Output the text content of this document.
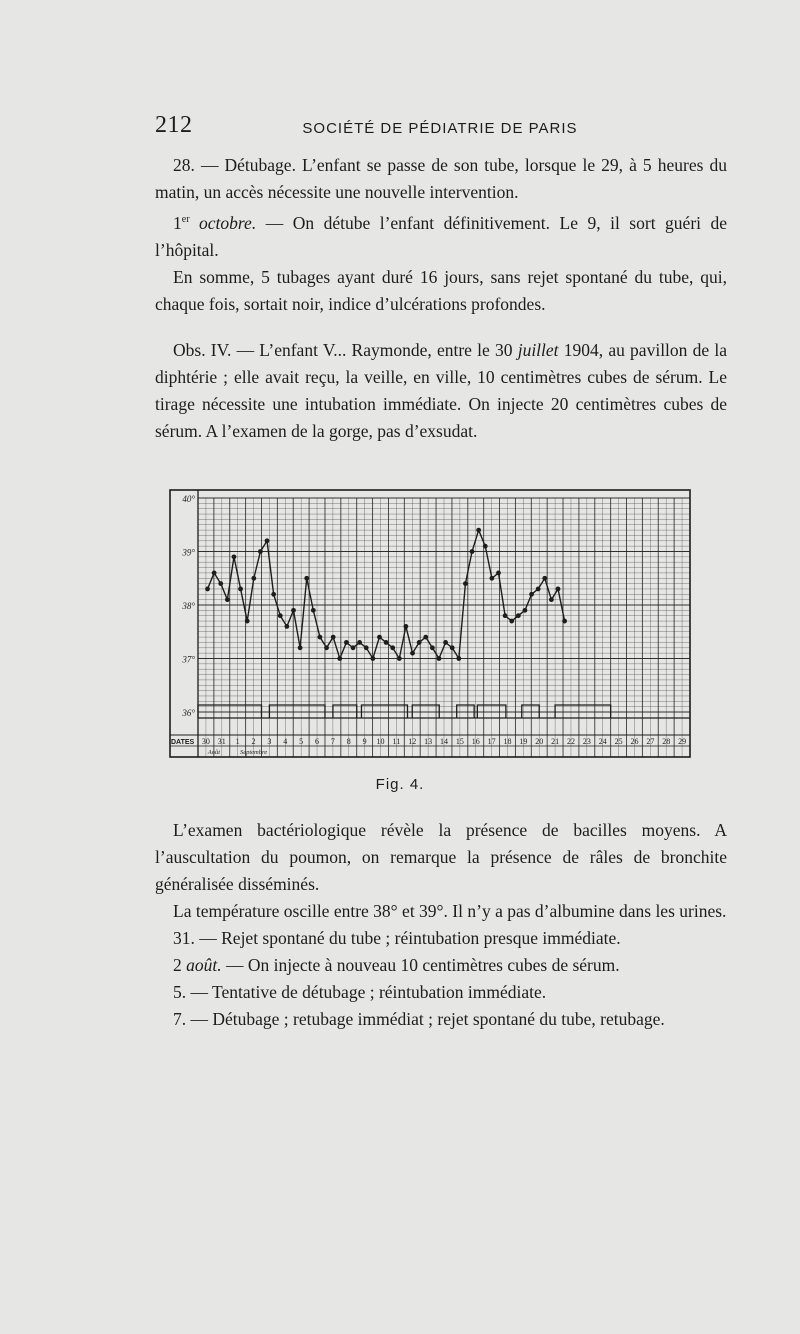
212	SOCIÉTÉ DE PÉDIATRIE DE PARIS

28. — Détubage. L’enfant se passe de son tube, lorsque le 29, à 5 heures du matin, un accès nécessite une nouvelle intervention.

1er octobre. — On détube l’enfant définitivement. Le 9, il sort guéri de l’hôpital.

En somme, 5 tubages ayant duré 16 jours, sans rejet spontané du tube, qui, chaque fois, sortait noir, indice d’ulcérations profondes.

Obs. IV. — L’enfant V... Raymonde, entre le 30 juillet 1904, au pavillon de la diphtérie ; elle avait reçu, la veille, en ville, 10 centimètres cubes de sérum. Le tirage nécessite une intubation immédiate. On injecte 20 centimètres cubes de sérum. A l’examen de la gorge, pas d’exsudat.

40°
39°
38°
37°
36°
DATES 30 31 1 2 3 4 5 6 7 8 9 10 11 12 13 14 15 16 17 18 19 20 21 22 23 24 25 26 27 28 29
Août	Septembre
Fig. 4.

L’examen bactériologique révèle la présence de bacilles moyens. A l’auscultation du poumon, on remarque la présence de râles de bronchite généralisée disséminés.

La température oscille entre 38° et 39°. Il n’y a pas d’albumine dans les urines.

31. — Rejet spontané du tube ; réintubation presque immédiate.

2 août. — On injecte à nouveau 10 centimètres cubes de sérum.

5. — Tentative de détubage ; réintubation immédiate.

7. — Détubage ; retubage immédiat ; rejet spontané du tube, retubage.
